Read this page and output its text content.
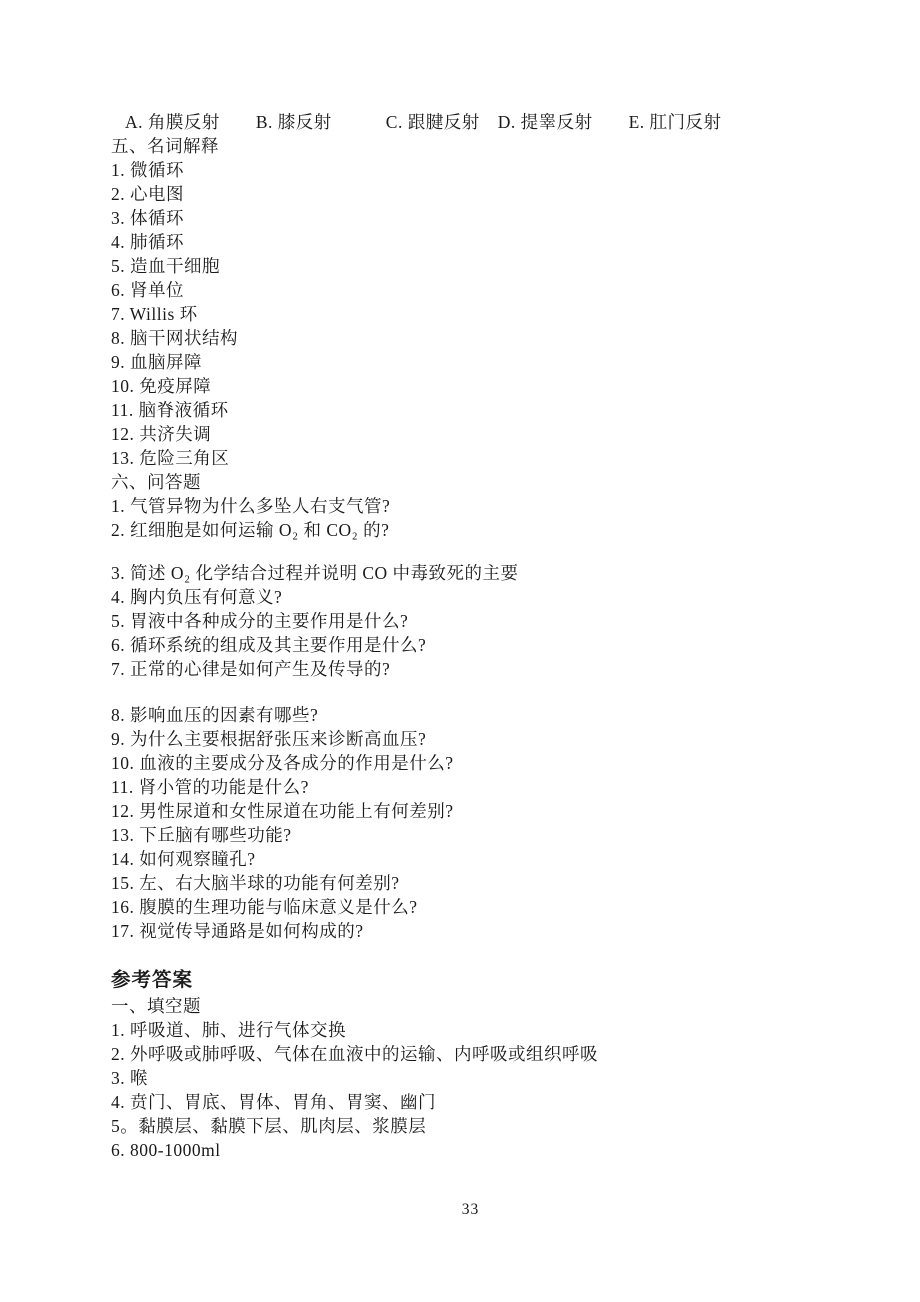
A. 角膜反射　　B. 膝反射　　　C. 跟腱反射　D. 提睾反射　　E. 肛门反射
五、名词解释
1. 微循环
2. 心电图
3. 体循环
4. 肺循环
5. 造血干细胞
6. 肾单位
7. Willis 环
8. 脑干网状结构
9. 血脑屏障
10. 免疫屏障
11. 脑脊液循环
12. 共济失调
13. 危险三角区
六、问答题
1. 气管异物为什么多坠人右支气管?
2. 红细胞是如何运输 O₂ 和 CO₂ 的?
3. 简述 O₂ 化学结合过程并说明 CO 中毒致死的主要
4. 胸内负压有何意义?
5. 胃液中各种成分的主要作用是什么?
6. 循环系统的组成及其主要作用是什么?
7. 正常的心律是如何产生及传导的?
8. 影响血压的因素有哪些?
9. 为什么主要根据舒张压来诊断高血压?
10. 血液的主要成分及各成分的作用是什么?
11. 肾小管的功能是什么?
12. 男性尿道和女性尿道在功能上有何差别?
13. 下丘脑有哪些功能?
14. 如何观察瞳孔?
15. 左、右大脑半球的功能有何差别?
16. 腹膜的生理功能与临床意义是什么?
17. 视觉传导通路是如何构成的?
参考答案
一、填空题
1. 呼吸道、肺、进行气体交换
2. 外呼吸或肺呼吸、气体在血液中的运输、内呼吸或组织呼吸
3. 喉
4. 贲门、胃底、胃体、胃角、胃窦、幽门
5。黏膜层、黏膜下层、肌肉层、浆膜层
6. 800-1000ml
33
